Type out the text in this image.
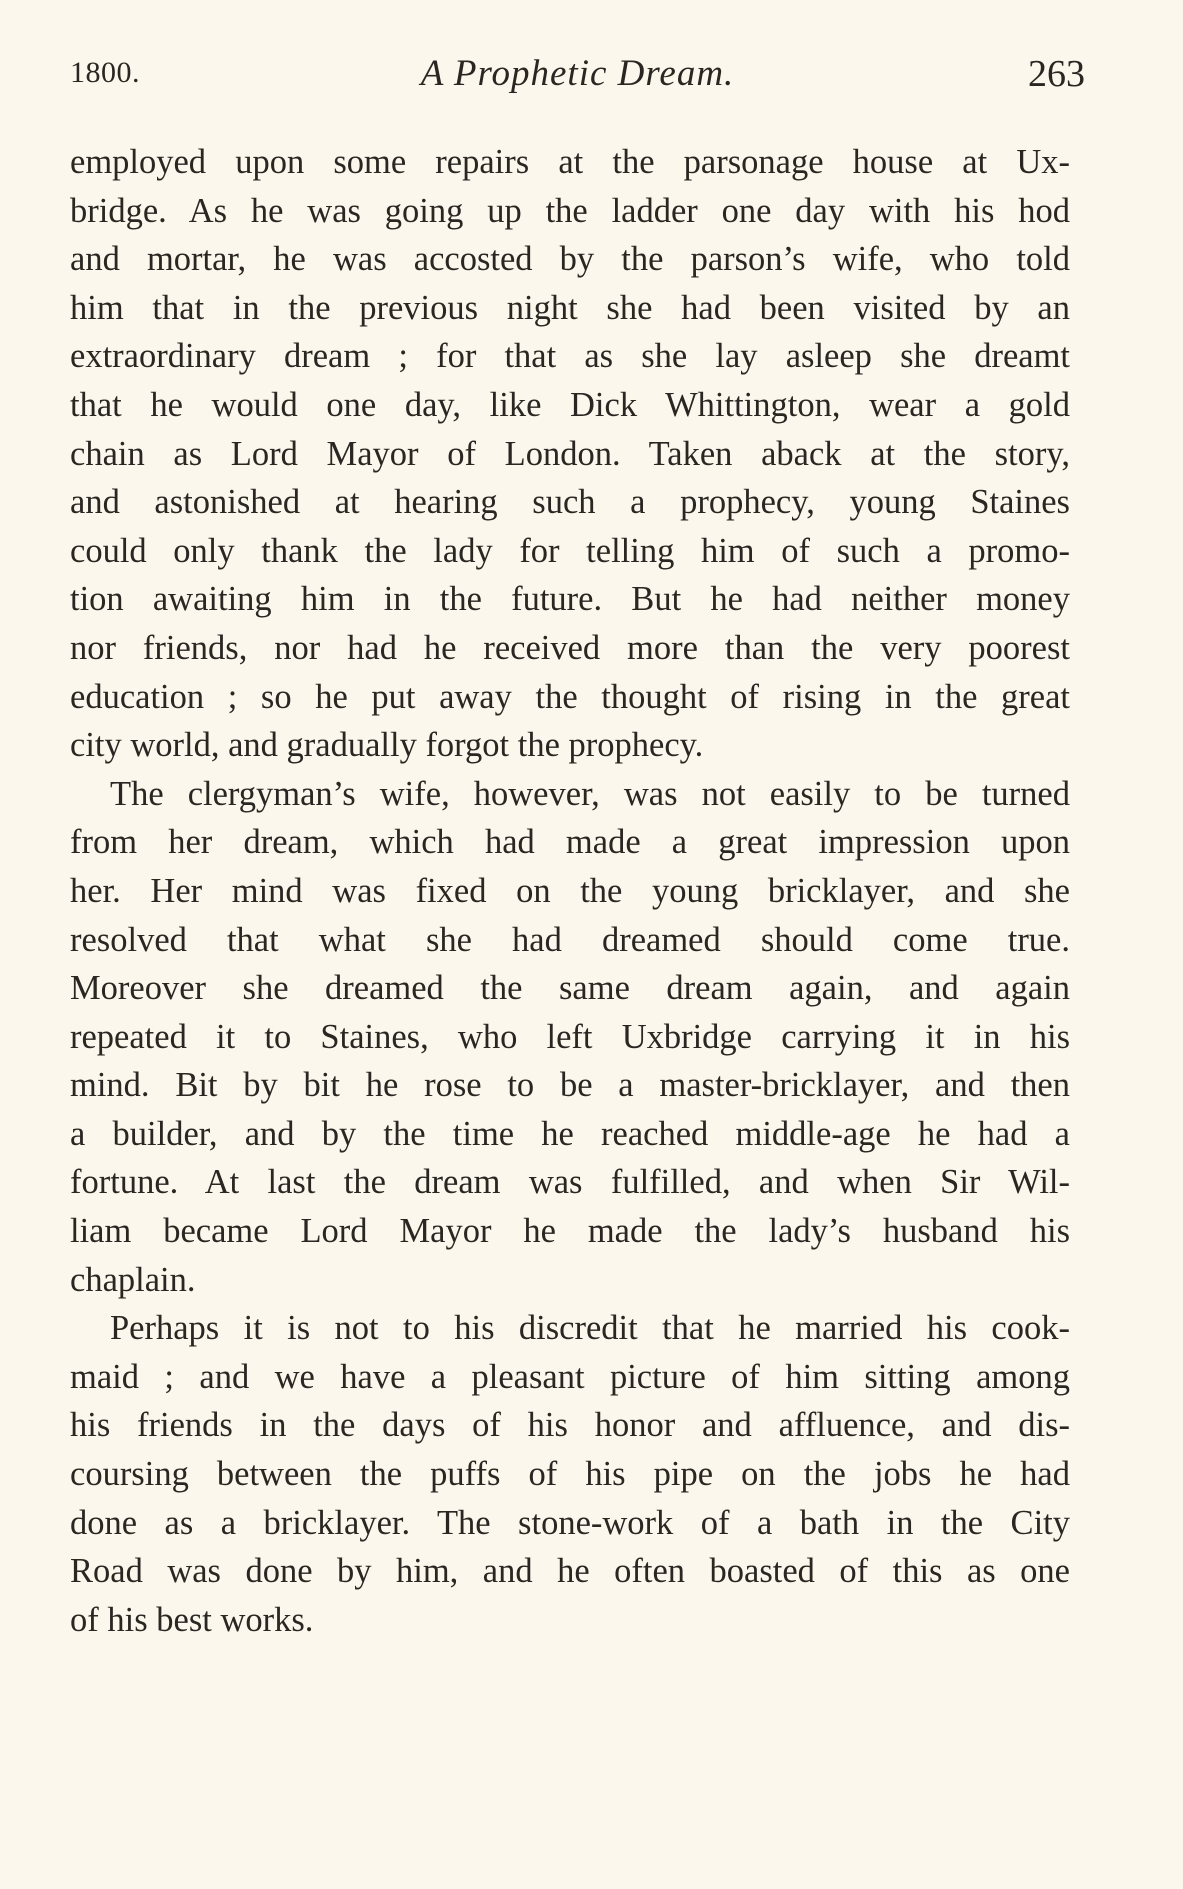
1800.	A Prophetic Dream.	263
employed upon some repairs at the parsonage house at Ux-
bridge. As he was going up the ladder one day with his hod
and mortar, he was accosted by the parson’s wife, who told
him that in the previous night she had been visited by an
extraordinary dream ; for that as she lay asleep she dreamt
that he would one day, like Dick Whittington, wear a gold
chain as Lord Mayor of London. Taken aback at the story,
and astonished at hearing such a prophecy, young Staines
could only thank the lady for telling him of such a promo-
tion awaiting him in the future. But he had neither money
nor friends, nor had he received more than the very poorest
education ; so he put away the thought of rising in the great
city world, and gradually forgot the prophecy.
The clergyman’s wife, however, was not easily to be turned
from her dream, which had made a great impression upon
her. Her mind was fixed on the young bricklayer, and she
resolved that what she had dreamed should come true.
Moreover she dreamed the same dream again, and again
repeated it to Staines, who left Uxbridge carrying it in his
mind. Bit by bit he rose to be a master-bricklayer, and then
a builder, and by the time he reached middle-age he had a
fortune. At last the dream was fulfilled, and when Sir Wil-
liam became Lord Mayor he made the lady’s husband his
chaplain.
Perhaps it is not to his discredit that he married his cook-
maid ; and we have a pleasant picture of him sitting among
his friends in the days of his honor and affluence, and dis-
coursing between the puffs of his pipe on the jobs he had
done as a bricklayer. The stone-work of a bath in the City
Road was done by him, and he often boasted of this as one
of his best works.
